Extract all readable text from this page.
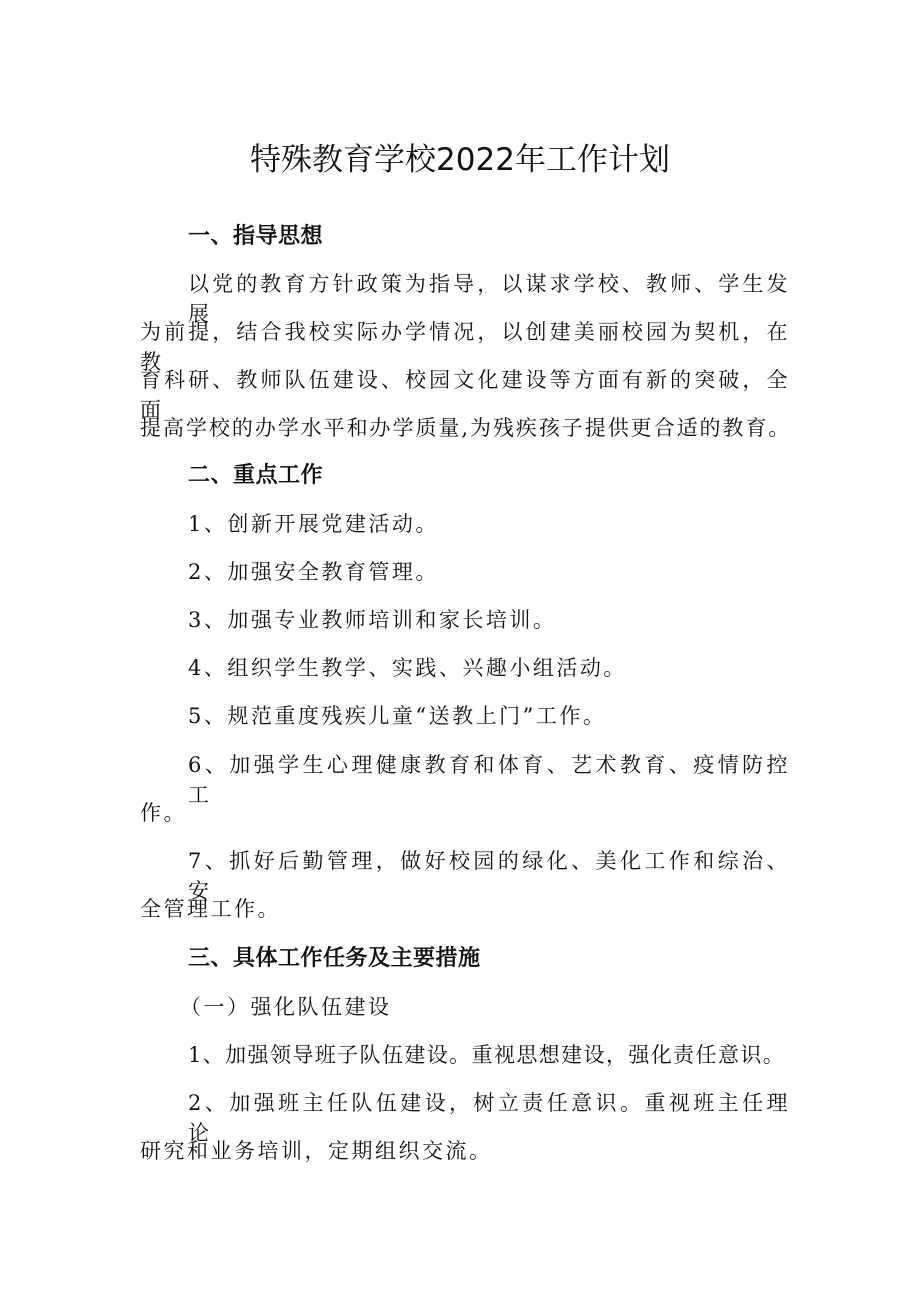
特殊教育学校2022年工作计划

一、指导思想

以党的教育方针政策为指导，以谋求学校、教师、学生发展

为前提，结合我校实际办学情况，以创建美丽校园为契机，在教

育科研、教师队伍建设、校园文化建设等方面有新的突破，全面

提高学校的办学水平和办学质量,为残疾孩子提供更合适的教育。

二、重点工作

1、创新开展党建活动。

2、加强安全教育管理。

3、加强专业教师培训和家长培训。

4、组织学生教学、实践、兴趣小组活动。

5、规范重度残疾儿童“送教上门”工作。

6、加强学生心理健康教育和体育、艺术教育、疫情防控工

作。

7、抓好后勤管理，做好校园的绿化、美化工作和综治、安

全管理工作。

三、具体工作任务及主要措施

（一）强化队伍建设

1、加强领导班子队伍建设。重视思想建设，强化责任意识。

2、加强班主任队伍建设，树立责任意识。重视班主任理论

研究和业务培训，定期组织交流。
